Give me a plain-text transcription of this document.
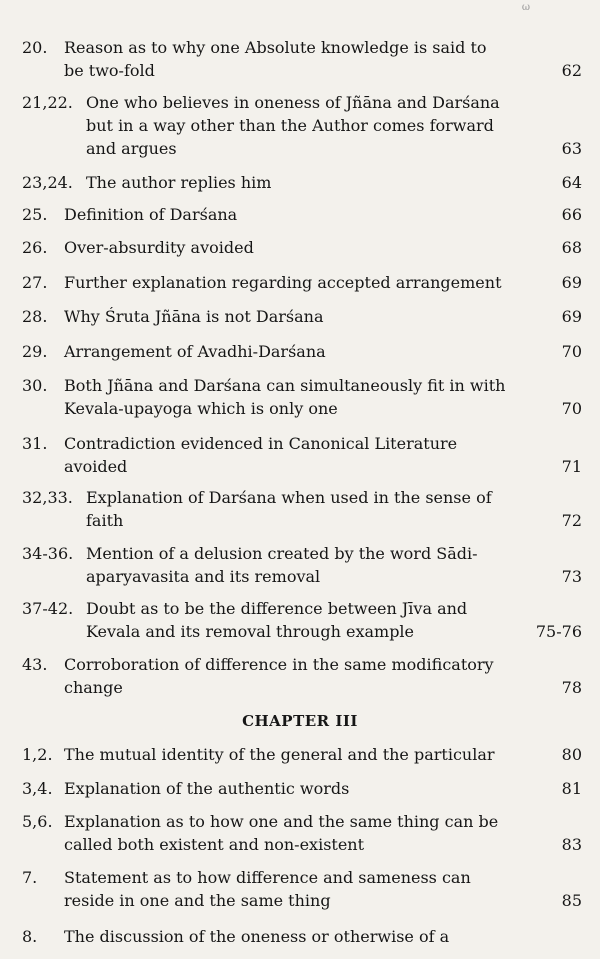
ω
20. Reason as to why one Absolute knowledge is said to be two-fold	62
21,22. One who believes in oneness of Jñāna and Darśana but in a way other than the Author comes forward and argues	63
23,24. The author replies him	64
25. Definition of Darśana	66
26. Over-absurdity avoided	68
27. Further explanation regarding accepted arrangement	69
28. Why Śruta Jñāna is not Darśana	69
29. Arrangement of Avadhi-Darśana	70
30. Both Jñāna and Darśana can simultaneously fit in with Kevala-upayoga which is only one	70
31. Contradiction evidenced in Canonical Literature avoided	71
32,33. Explanation of Darśana when used in the sense of faith	72
34-36. Mention of a delusion created by the word Sādi-aparyavasita and its removal	73
37-42. Doubt as to be the difference between Jīva and Kevala and its removal through example	75-76
43. Corroboration of difference in the same modificatory change	78
CHAPTER III
1,2. The mutual identity of the general and the particular	80
3,4. Explanation of the authentic words	81
5,6. Explanation as to how one and the same thing can be called both existent and non-existent	83
7. Statement as to how difference and sameness can reside in one and the same thing	85
8. The discussion of the oneness or otherwise of a
